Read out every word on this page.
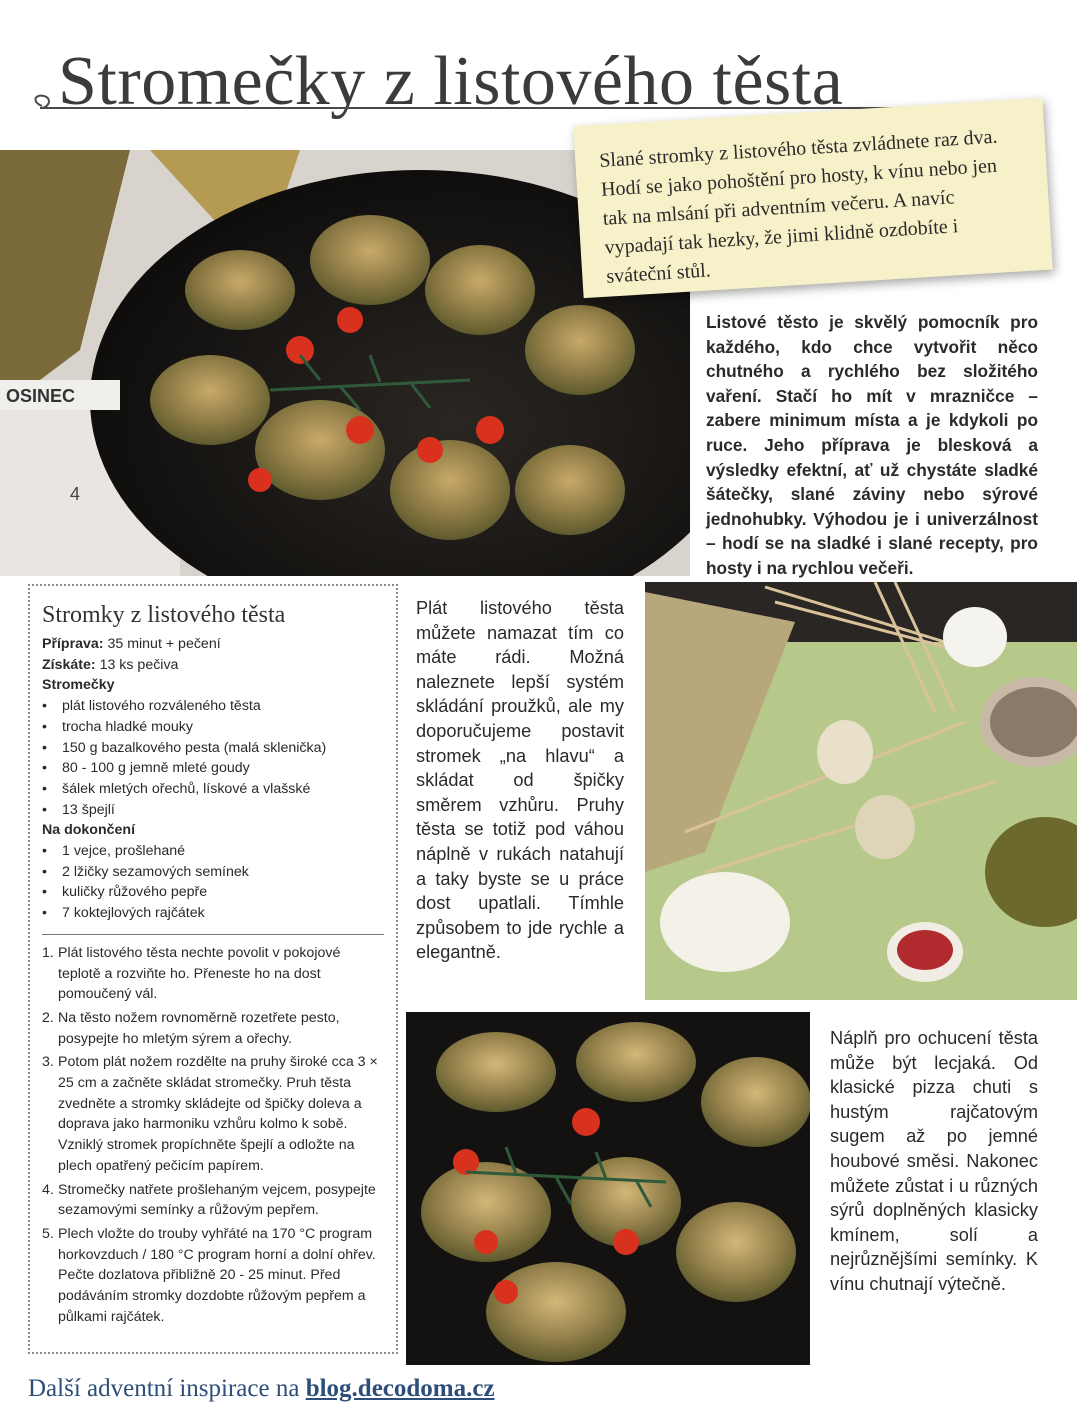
Stromečky z listového těsta
OSINEC
4
Slané stromky z listového těsta zvládnete raz dva. Hodí se jako pohoštění pro hosty, k vínu nebo jen tak na mlsání při adventním večeru. A navíc vypadají tak hezky, že jimi klidně ozdobíte i sváteční stůl.
Listové těsto je skvělý pomocník pro každého, kdo chce vytvořit něco chutného a rychlého bez složitého vaření. Stačí ho mít v mrazničce – zabere minimum místa a je kdykoli po ruce. Jeho příprava je blesková a výsledky efektní, ať už chystáte sladké šátečky, slané záviny nebo sýrové jednohubky. Výhodou je i univerzálnost – hodí se na sladké i slané recepty, pro hosty i na rychlou večeři.
Stromky z listového těsta
Příprava: 35 minut + pečení
Získáte: 13 ks pečiva
Stromečky
• plát listového rozváleného těsta
• trocha hladké mouky
• 150 g bazalkového pesta (malá sklenička)
• 80 - 100 g jemně mleté goudy
• šálek mletých ořechů, lískové a vlašské
• 13 špejlí
Na dokončení
• 1 vejce, prošlehané
• 2 lžičky sezamových semínek
• kuličky růžového pepře
• 7 koktejlových rajčátek
1. Plát listového těsta nechte povolit v pokojové teplotě a rozviňte ho. Přeneste ho na dost pomoučený vál.
2. Na těsto nožem rovnoměrně rozetřete pesto, posypejte ho mletým sýrem a ořechy.
3. Potom plát nožem rozdělte na pruhy široké cca 3 × 25 cm a začněte skládat stromečky. Pruh těsta zvedněte a stromky skládejte od špičky doleva a doprava jako harmoniku vzhůru kolmo k sobě. Vzniklý stromek propíchněte špejlí a odložte na plech opatřený pečicím papírem.
4. Stromečky natřete prošlehaným vejcem, posypejte sezamovými semínky a růžovým pepřem.
5. Plech vložte do trouby vyhřáté na 170 °C program horkovzduch / 180 °C program horní a dolní ohřev. Pečte dozlatova přibližně 20 - 25 minut. Před podáváním stromky dozdobte růžovým pepřem a půlkami rajčátek.
Plát listového těsta můžete namazat tím co máte rádi. Možná naleznete lepší systém skládání proužků, ale my doporučujeme postavit stromek „na hlavu“ a skládat od špičky směrem vzhůru. Pruhy těsta se totiž pod váhou náplně v rukách natahují a taky byste se u práce dost upatlali. Tímhle způsobem to jde rychle a elegantně.
Náplň pro ochucení těsta může být lecjaká. Od klasické pizza chuti s hustým rajčatovým sugem až po jemné houbové směsi. Nakonec můžete zůstat i u různých sýrů doplněných klasicky kmínem, solí a nejrůznějšími semínky. K vínu chutnají výtečně.
Další adventní inspirace na blog.decodoma.cz
